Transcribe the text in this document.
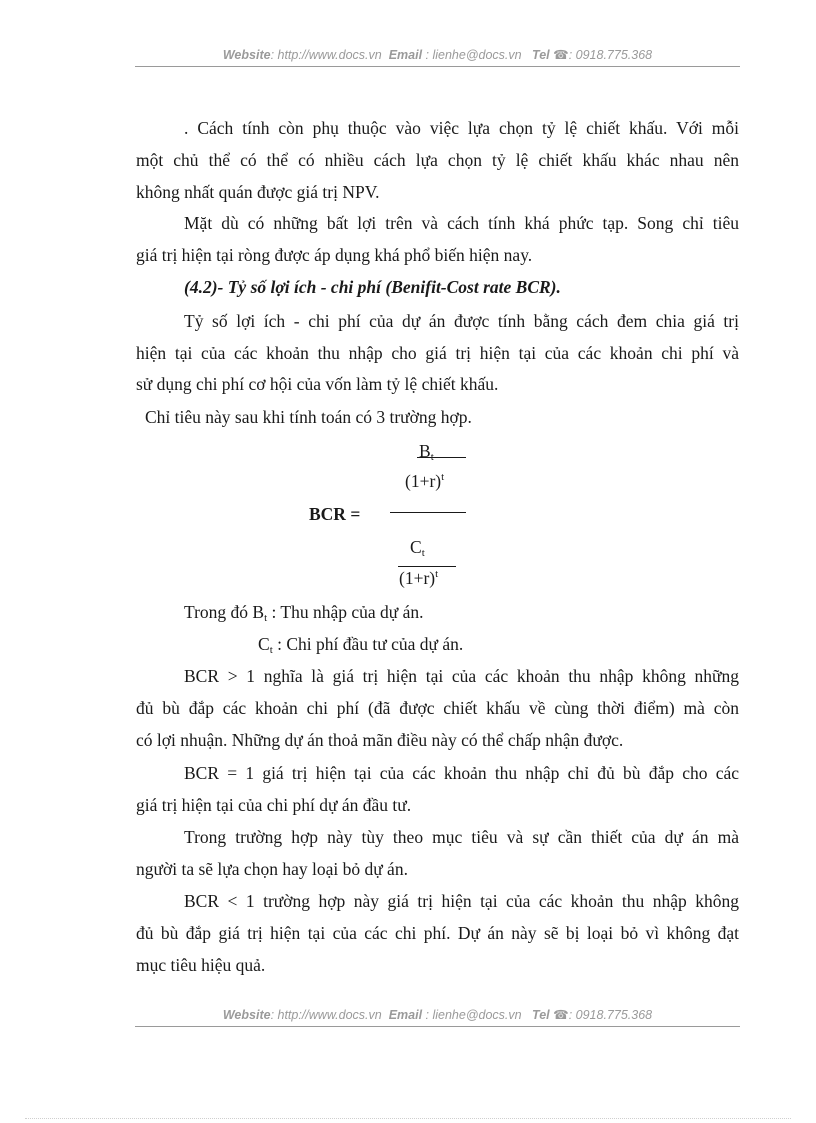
Website: http://www.docs.vn Email : lienhe@docs.vn Tel ☎: 0918.775.368

. Cách tính còn phụ thuộc vào việc lựa chọn tỷ lệ chiết khấu. Với mỗi

một chủ thể có thể có nhiều cách lựa chọn tỷ lệ chiết khấu khác nhau nên

không nhất quán được giá trị NPV.

Mặt dù có những bất lợi trên và cách tính khá phức tạp. Song chỉ tiêu

giá trị hiện tại ròng được áp dụng khá phổ biến hiện nay.

(4.2)- Tỷ số lợi ích - chi phí (Benifit-Cost rate BCR).

Tỷ số lợi ích - chi phí của dự án được tính bằng cách đem chia giá trị

hiện tại của các khoản thu nhập cho giá trị hiện tại của các khoản chi phí và

sử dụng chi phí cơ hội của vốn làm tỷ lệ chiết khấu.

Chỉ tiêu này sau khi tính toán có 3 trường hợp.

$B_t$
$(1+r)^t$
BCR =
$C_t$
$(1+r)^t$

Trong đó $B_t$ : Thu nhập của dự án.

$C_t$ : Chi phí đầu tư của dự án.

BCR > 1 nghĩa là giá trị hiện tại của các khoản thu nhập không những

đủ bù đắp các khoản chi phí (đã được chiết khấu về cùng thời điểm) mà còn

có lợi nhuận. Những dự án thoả mãn điều này có thể chấp nhận được.

BCR = 1 giá trị hiện tại của các khoản thu nhập chỉ đủ bù đắp cho các

giá trị hiện tại của chi phí dự án đầu tư.

Trong trường hợp này tùy theo mục tiêu và sự cần thiết của dự án mà

người ta sẽ lựa chọn hay loại bỏ dự án.

BCR < 1 trường hợp này giá trị hiện tại của các khoản thu nhập không

đủ bù đắp giá trị hiện tại của các chi phí. Dự án này sẽ bị loại bỏ vì không đạt

mục tiêu hiệu quả.

Website: http://www.docs.vn Email : lienhe@docs.vn Tel ☎: 0918.775.368
